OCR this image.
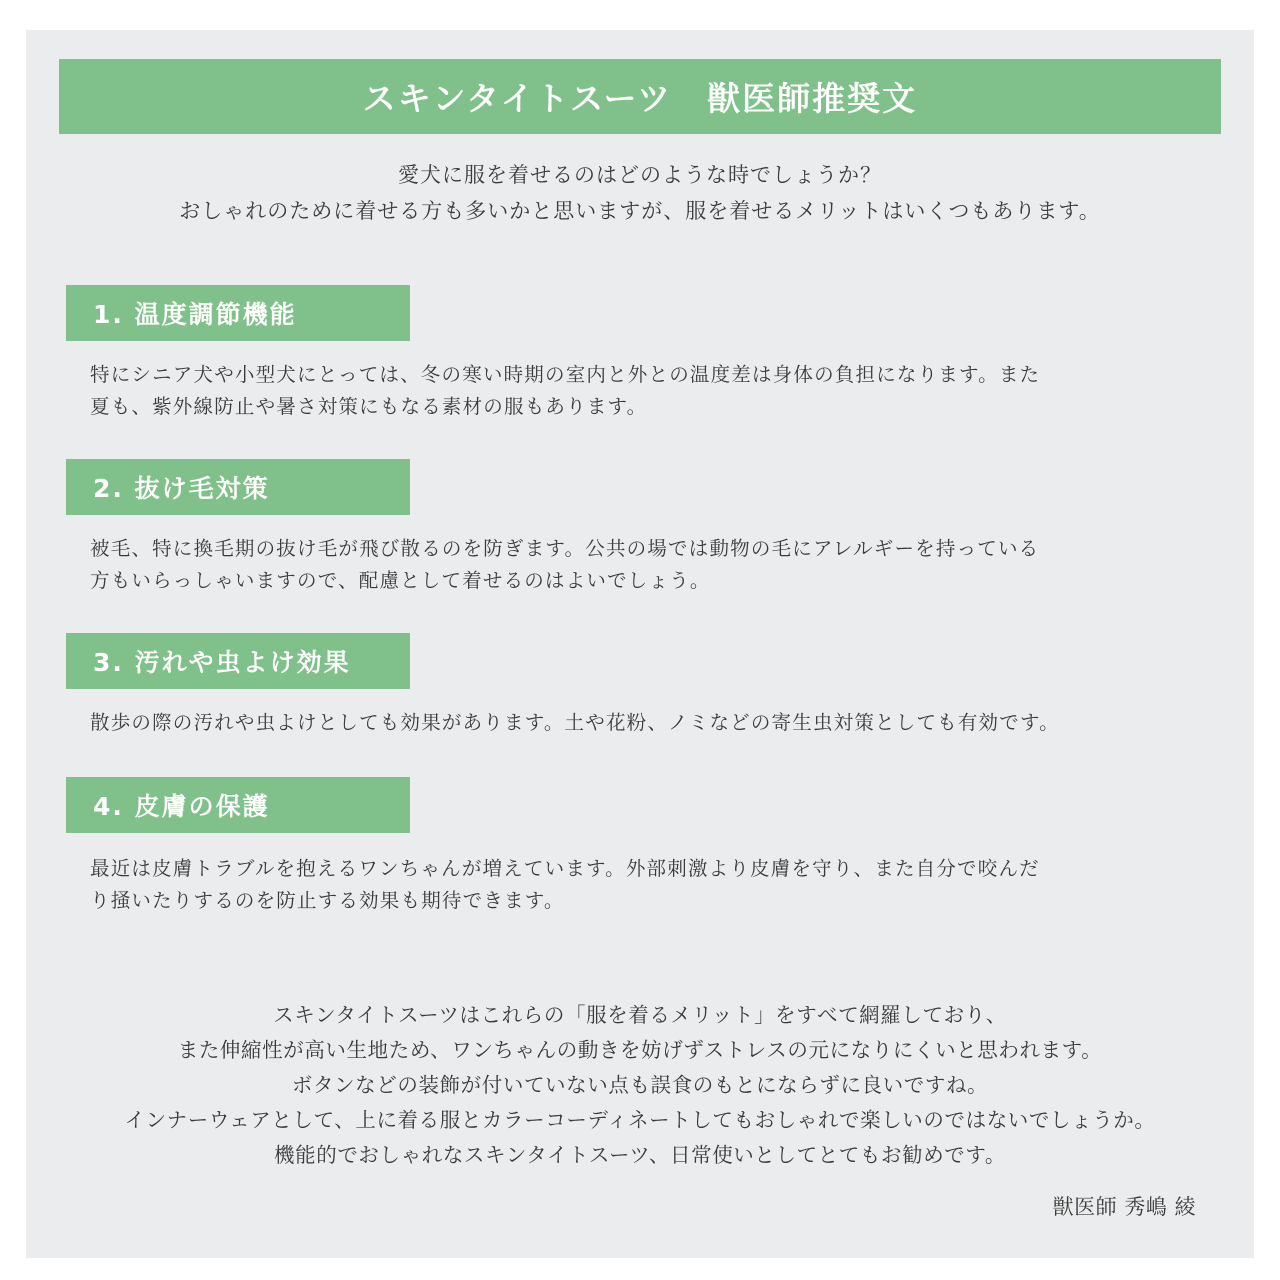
スキンタイトスーツ　獣医師推奨文
愛犬に服を着せるのはどのような時でしょうか？
おしゃれのために着せる方も多いかと思いますが、服を着せるメリットはいくつもあります。
1. 温度調節機能
特にシニア犬や小型犬にとっては、冬の寒い時期の室内と外との温度差は身体の負担になります。また
夏も、紫外線防止や暑さ対策にもなる素材の服もあります。
2. 抜け毛対策
被毛、特に換毛期の抜け毛が飛び散るのを防ぎます。公共の場では動物の毛にアレルギーを持っている
方もいらっしゃいますので、配慮として着せるのはよいでしょう。
3. 汚れや虫よけ効果
散歩の際の汚れや虫よけとしても効果があります。土や花粉、ノミなどの寄生虫対策としても有効です。
4. 皮膚の保護
最近は皮膚トラブルを抱えるワンちゃんが増えています。外部刺激より皮膚を守り、また自分で咬んだ
り掻いたりするのを防止する効果も期待できます。
スキンタイトスーツはこれらの「服を着るメリット」をすべて網羅しており、
また伸縮性が高い生地ため、ワンちゃんの動きを妨げずストレスの元になりにくいと思われます。
ボタンなどの装飾が付いていない点も誤食のもとにならずに良いですね。
インナーウェアとして、上に着る服とカラーコーディネートしてもおしゃれで楽しいのではないでしょうか。
機能的でおしゃれなスキンタイトスーツ、日常使いとしてとてもお勧めです。
獣医師 秀嶋 綾
